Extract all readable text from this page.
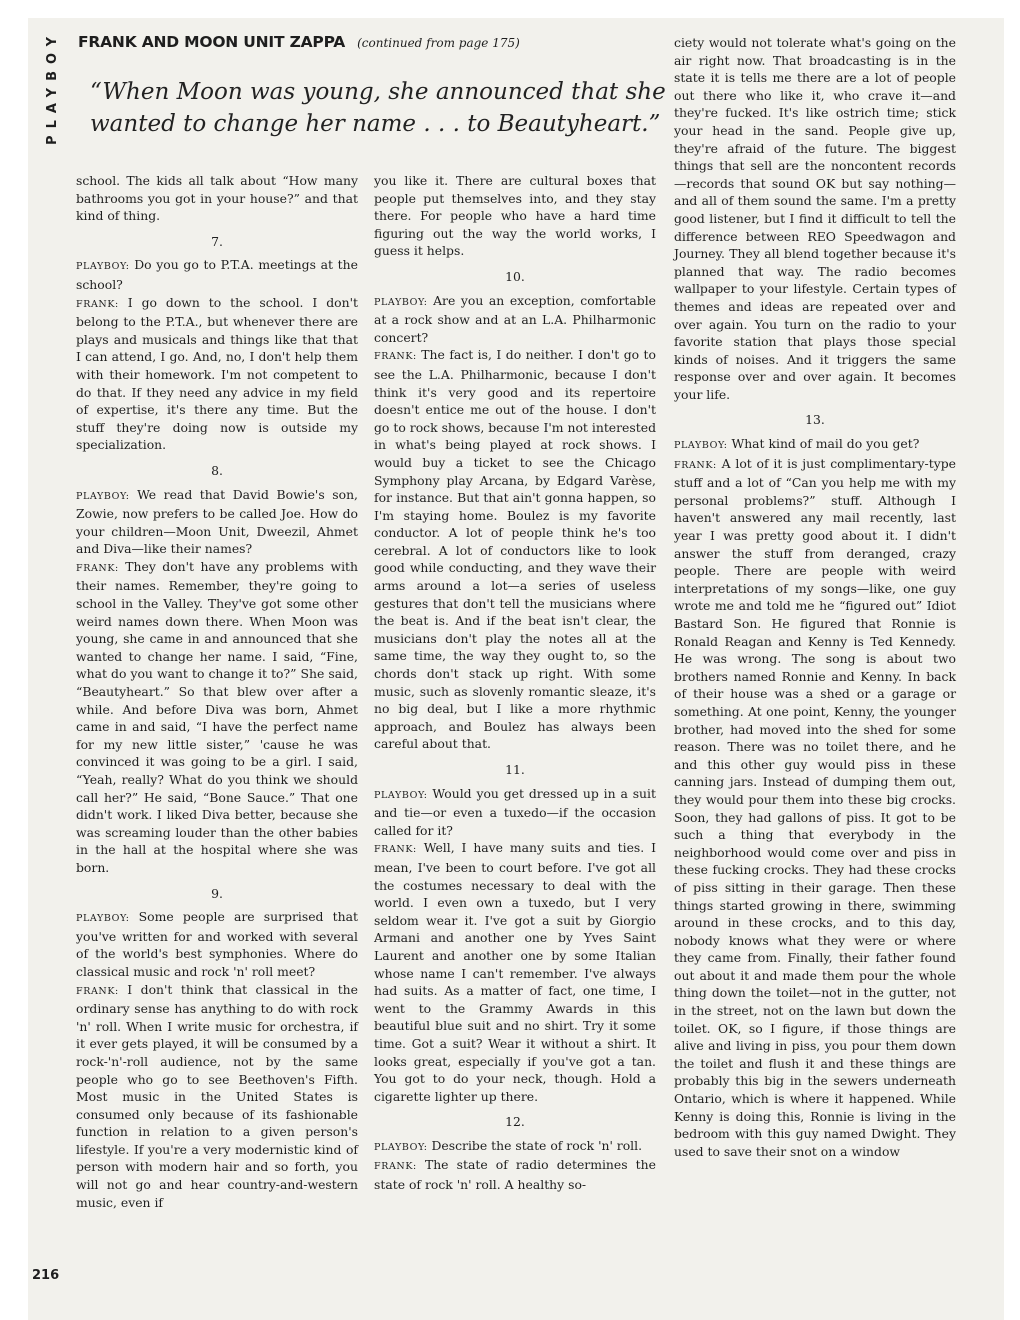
PLAYBOY
216
FRANK AND MOON UNIT ZAPPA (continued from page 175)
“When Moon was young, she announced that she wanted to change her name . . . to Beautyheart.”

school. The kids all talk about “How many bathrooms you got in your house?” and that kind of thing.

7.

PLAYBOY: Do you go to P.T.A. meetings at the school?

FRANK: I go down to the school. I don't belong to the P.T.A., but whenever there are plays and musicals and things like that that I can attend, I go. And, no, I don't help them with their homework. I'm not competent to do that. If they need any advice in my field of expertise, it's there any time. But the stuff they're doing now is outside my specialization.

8.

PLAYBOY: We read that David Bowie's son, Zowie, now prefers to be called Joe. How do your children—Moon Unit, Dweezil, Ahmet and Diva—like their names?

FRANK: They don't have any problems with their names. Remember, they're going to school in the Valley. They've got some other weird names down there. When Moon was young, she came in and announced that she wanted to change her name. I said, “Fine, what do you want to change it to?” She said, “Beautyheart.” So that blew over after a while. And before Diva was born, Ahmet came in and said, “I have the perfect name for my new little sister,” 'cause he was convinced it was going to be a girl. I said, “Yeah, really? What do you think we should call her?” He said, “Bone Sauce.” That one didn't work. I liked Diva better, because she was screaming louder than the other babies in the hall at the hospital where she was born.

9.

PLAYBOY: Some people are surprised that you've written for and worked with several of the world's best symphonies. Where do classical music and rock 'n' roll meet?

FRANK: I don't think that classical in the ordinary sense has anything to do with rock 'n' roll. When I write music for orchestra, if it ever gets played, it will be consumed by a rock-'n'-roll audience, not by the same people who go to see Beethoven's Fifth. Most music in the United States is consumed only because of its fashionable function in relation to a given person's lifestyle. If you're a very modernistic kind of person with modern hair and so forth, you will not go and hear country-and-western music, even if

you like it. There are cultural boxes that people put themselves into, and they stay there. For people who have a hard time figuring out the way the world works, I guess it helps.

10.

PLAYBOY: Are you an exception, comfortable at a rock show and at an L.A. Philharmonic concert?

FRANK: The fact is, I do neither. I don't go to see the L.A. Philharmonic, because I don't think it's very good and its repertoire doesn't entice me out of the house. I don't go to rock shows, because I'm not interested in what's being played at rock shows. I would buy a ticket to see the Chicago Symphony play Arcana, by Edgard Varèse, for instance. But that ain't gonna happen, so I'm staying home. Boulez is my favorite conductor. A lot of people think he's too cerebral. A lot of conductors like to look good while conducting, and they wave their arms around a lot—a series of useless gestures that don't tell the musicians where the beat is. And if the beat isn't clear, the musicians don't play the notes all at the same time, the way they ought to, so the chords don't stack up right. With some music, such as slovenly romantic sleaze, it's no big deal, but I like a more rhythmic approach, and Boulez has always been careful about that.

11.

PLAYBOY: Would you get dressed up in a suit and tie—or even a tuxedo—if the occasion called for it?

FRANK: Well, I have many suits and ties. I mean, I've been to court before. I've got all the costumes necessary to deal with the world. I even own a tuxedo, but I very seldom wear it. I've got a suit by Giorgio Armani and another one by Yves Saint Laurent and another one by some Italian whose name I can't remember. I've always had suits. As a matter of fact, one time, I went to the Grammy Awards in this beautiful blue suit and no shirt. Try it some time. Got a suit? Wear it without a shirt. It looks great, especially if you've got a tan. You got to do your neck, though. Hold a cigarette lighter up there.

12.

PLAYBOY: Describe the state of rock 'n' roll.

FRANK: The state of radio determines the state of rock 'n' roll. A healthy so-

ciety would not tolerate what's going on the air right now. That broadcasting is in the state it is tells me there are a lot of people out there who like it, who crave it—and they're fucked. It's like ostrich time; stick your head in the sand. People give up, they're afraid of the future. The biggest things that sell are the noncontent records—records that sound OK but say nothing—and all of them sound the same. I'm a pretty good listener, but I find it difficult to tell the difference between REO Speedwagon and Journey. They all blend together because it's planned that way. The radio becomes wallpaper to your lifestyle. Certain types of themes and ideas are repeated over and over again. You turn on the radio to your favorite station that plays those special kinds of noises. And it triggers the same response over and over again. It becomes your life.

13.

PLAYBOY: What kind of mail do you get?

FRANK: A lot of it is just complimentary-type stuff and a lot of “Can you help me with my personal problems?” stuff. Although I haven't answered any mail recently, last year I was pretty good about it. I didn't answer the stuff from deranged, crazy people. There are people with weird interpretations of my songs—like, one guy wrote me and told me he “figured out” Idiot Bastard Son. He figured that Ronnie is Ronald Reagan and Kenny is Ted Kennedy. He was wrong. The song is about two brothers named Ronnie and Kenny. In back of their house was a shed or a garage or something. At one point, Kenny, the younger brother, had moved into the shed for some reason. There was no toilet there, and he and this other guy would piss in these canning jars. Instead of dumping them out, they would pour them into these big crocks. Soon, they had gallons of piss. It got to be such a thing that everybody in the neighborhood would come over and piss in these fucking crocks. They had these crocks of piss sitting in their garage. Then these things started growing in there, swimming around in these crocks, and to this day, nobody knows what they were or where they came from. Finally, their father found out about it and made them pour the whole thing down the toilet—not in the gutter, not in the street, not on the lawn but down the toilet. OK, so I figure, if those things are alive and living in piss, you pour them down the toilet and flush it and these things are probably this big in the sewers underneath Ontario, which is where it happened. While Kenny is doing this, Ronnie is living in the bedroom with this guy named Dwight. They used to save their snot on a window
